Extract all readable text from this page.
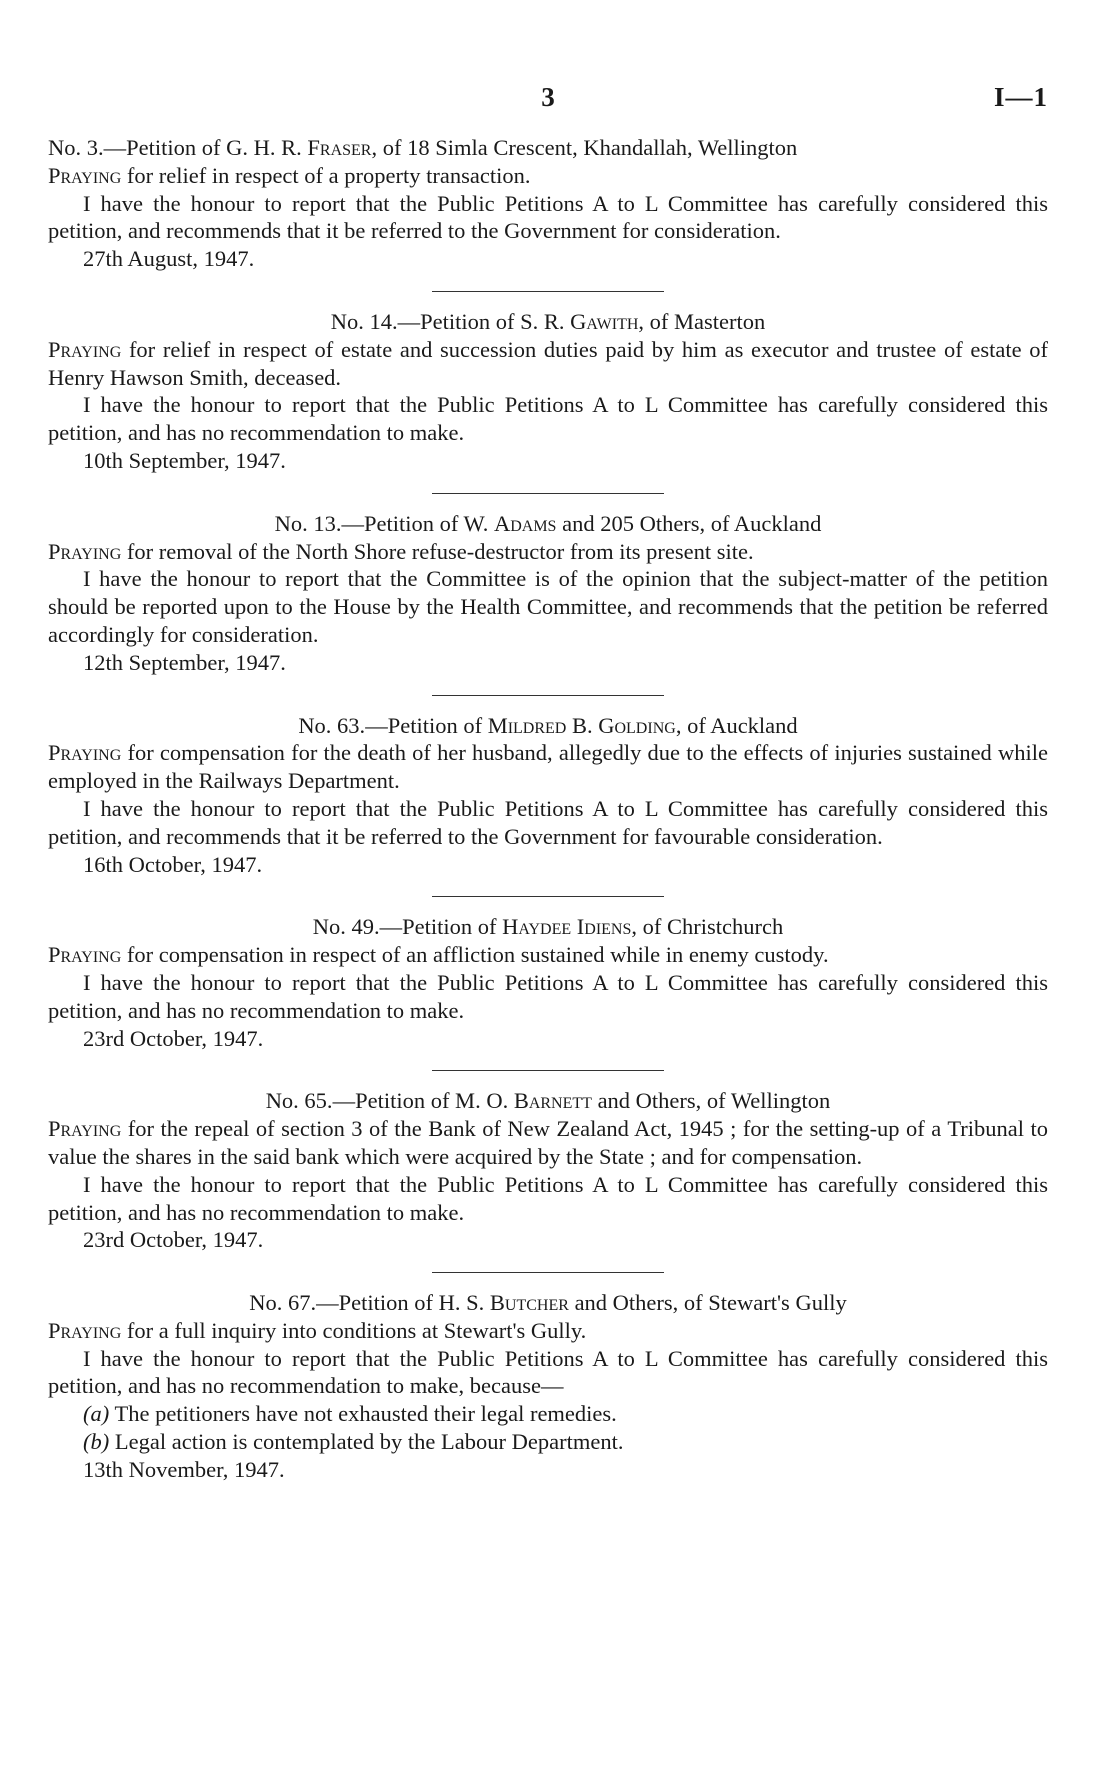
3	I—1

No. 3.—Petition of G. H. R. Fraser, of 18 Simla Crescent, Khandallah, Wellington

Praying for relief in respect of a property transaction.

I have the honour to report that the Public Petitions A to L Committee has carefully considered this petition, and recommends that it be referred to the Government for consideration.

27th August, 1947.

No. 14.—Petition of S. R. Gawith, of Masterton

Praying for relief in respect of estate and succession duties paid by him as executor and trustee of estate of Henry Hawson Smith, deceased.

I have the honour to report that the Public Petitions A to L Committee has carefully considered this petition, and has no recommendation to make.

10th September, 1947.

No. 13.—Petition of W. Adams and 205 Others, of Auckland

Praying for removal of the North Shore refuse-destructor from its present site.

I have the honour to report that the Committee is of the opinion that the subject-matter of the petition should be reported upon to the House by the Health Committee, and recommends that the petition be referred accordingly for consideration.

12th September, 1947.

No. 63.—Petition of Mildred B. Golding, of Auckland

Praying for compensation for the death of her husband, allegedly due to the effects of injuries sustained while employed in the Railways Department.

I have the honour to report that the Public Petitions A to L Committee has carefully considered this petition, and recommends that it be referred to the Government for favourable consideration.

16th October, 1947.

No. 49.—Petition of Haydee Idiens, of Christchurch

Praying for compensation in respect of an affliction sustained while in enemy custody.

I have the honour to report that the Public Petitions A to L Committee has carefully considered this petition, and has no recommendation to make.

23rd October, 1947.

No. 65.—Petition of M. O. Barnett and Others, of Wellington

Praying for the repeal of section 3 of the Bank of New Zealand Act, 1945 ; for the setting-up of a Tribunal to value the shares in the said bank which were acquired by the State ; and for compensation.

I have the honour to report that the Public Petitions A to L Committee has carefully considered this petition, and has no recommendation to make.

23rd October, 1947.

No. 67.—Petition of H. S. Butcher and Others, of Stewart's Gully

Praying for a full inquiry into conditions at Stewart's Gully.

I have the honour to report that the Public Petitions A to L Committee has carefully considered this petition, and has no recommendation to make, because—

(a) The petitioners have not exhausted their legal remedies.

(b) Legal action is contemplated by the Labour Department.

13th November, 1947.
